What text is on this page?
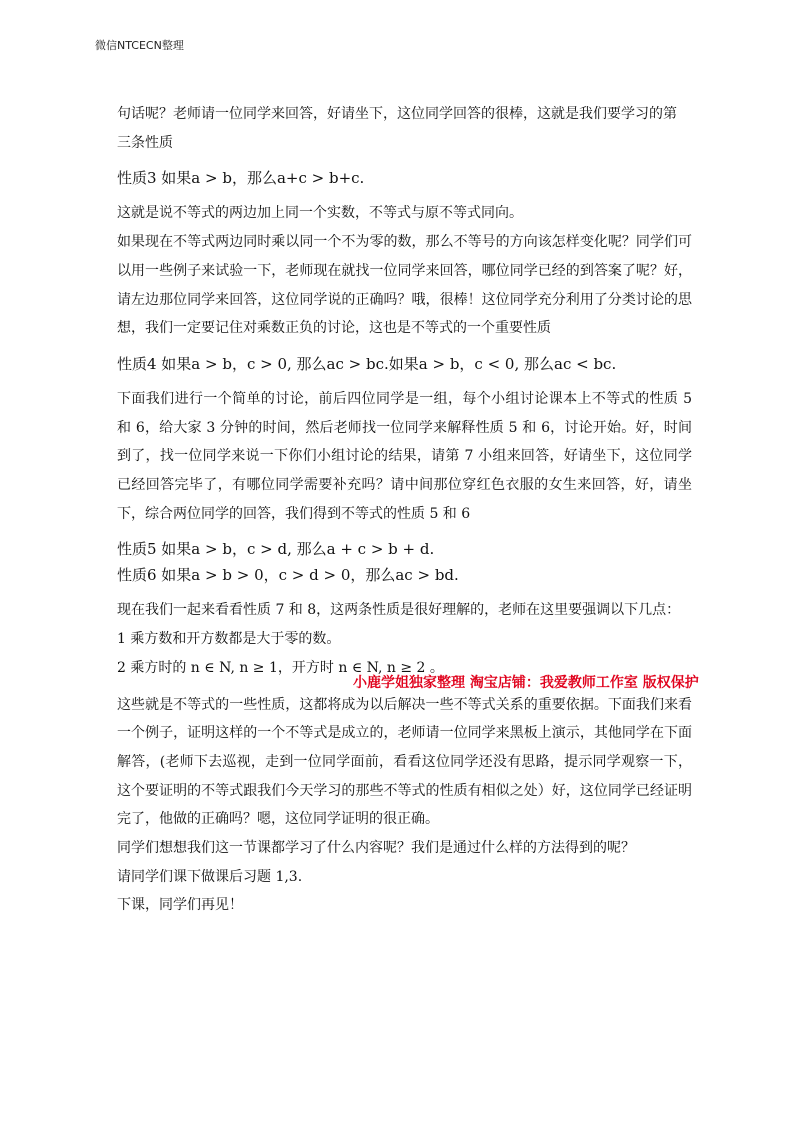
微信NTCECN整理

句话呢？老师请一位同学来回答，好请坐下，这位同学回答的很棒，这就是我们要学习的第

三条性质

性质3 如果a > b，那么a+c > b+c.

这就是说不等式的两边加上同一个实数，不等式与原不等式同向。

如果现在不等式两边同时乘以同一个不为零的数，那么不等号的方向该怎样变化呢？同学们可以用一些例子来试验一下，老师现在就找一位同学来回答，哪位同学已经的到答案了呢？好，请左边那位同学来回答，这位同学说的正确吗？哦，很棒！这位同学充分利用了分类讨论的思想，我们一定要记住对乘数正负的讨论，这也是不等式的一个重要性质

性质4 如果a > b，c > 0, 那么ac > bc.如果a > b，c < 0, 那么ac < bc.

下面我们进行一个简单的讨论，前后四位同学是一组，每个小组讨论课本上不等式的性质 5 和 6，给大家 3 分钟的时间，然后老师找一位同学来解释性质 5 和 6，讨论开始。好，时间到了，找一位同学来说一下你们小组讨论的结果，请第 7 小组来回答，好请坐下，这位同学已经回答完毕了，有哪位同学需要补充吗？请中间那位穿红色衣服的女生来回答，好，请坐下，综合两位同学的回答，我们得到不等式的性质 5 和 6

性质5 如果a > b，c > d, 那么a + c > b + d.

性质6 如果a > b > 0，c > d > 0，那么ac > bd.

现在我们一起来看看性质 7 和 8，这两条性质是很好理解的，老师在这里要强调以下几点：

1 乘方数和开方数都是大于零的数。

2 乘方时的 n ∈ N, n ≥ 1，开方时 n ∈ N, n ≥ 2 。

这些就是不等式的一些性质，这都将成为以后解决一些不等式关系的重要依据。下面我们来看一个例子，证明这样的一个不等式是成立的，老师请一位同学来黑板上演示，其他同学在下面解答，(老师下去巡视，走到一位同学面前，看看这位同学还没有思路，提示同学观察一下，这个要证明的不等式跟我们今天学习的那些不等式的性质有相似之处）好，这位同学已经证明完了，他做的正确吗？嗯，这位同学证明的很正确。

同学们想想我们这一节课都学习了什么内容呢？我们是通过什么样的方法得到的呢？

请同学们课下做课后习题 1,3.

下课，同学们再见！

小鹿学姐独家整理 淘宝店铺：我爱教师工作室 版权保护
